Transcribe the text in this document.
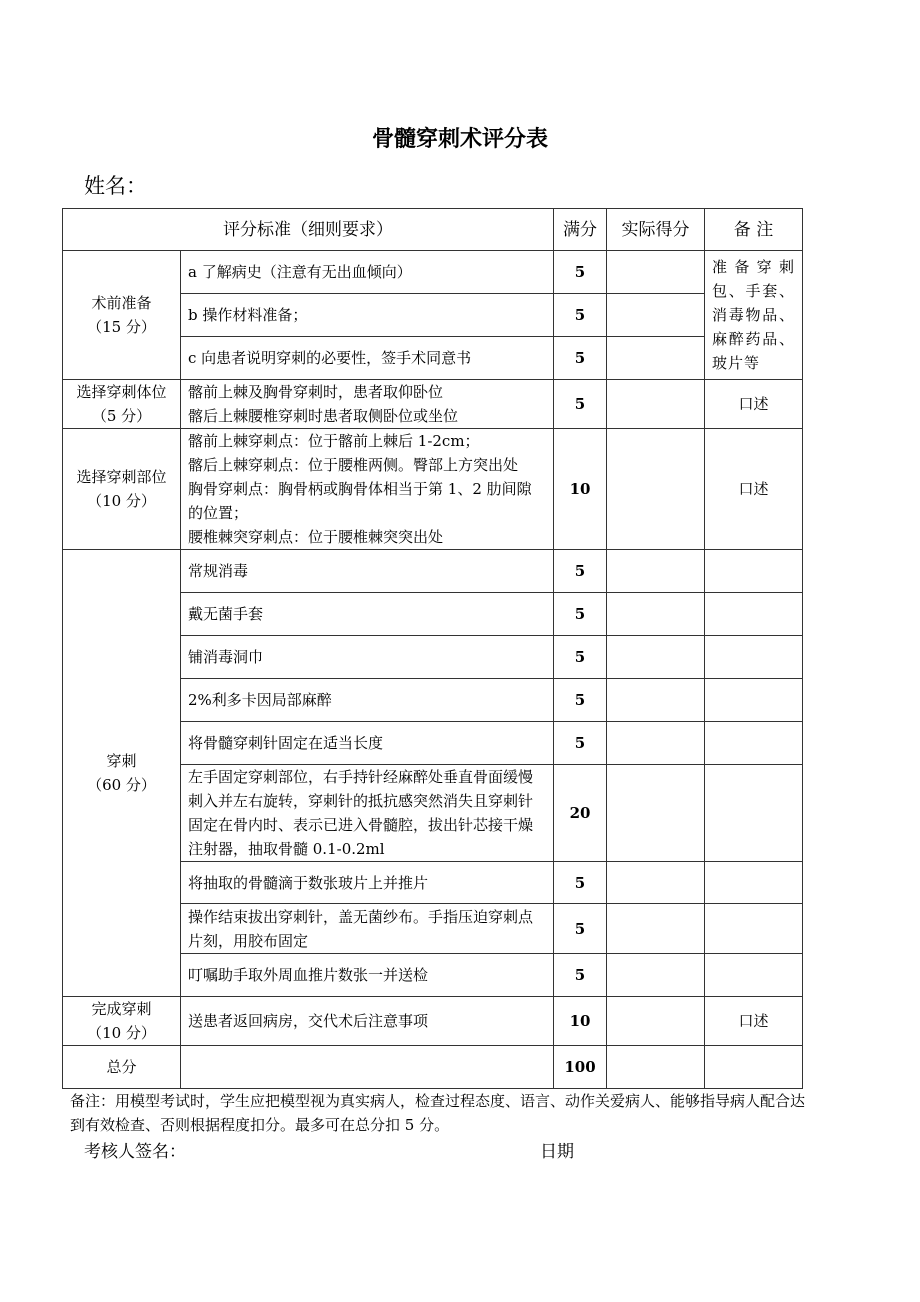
骨髓穿刺术评分表
姓名：
评分标准（细则要求）		满分	实际得分	备 注
术前准备
（15 分）	a 了解病史（注意有无出血倾向）	5		准 备 穿 刺包、手套、消毒物品、麻醉药品、玻片等
	b 操作材料准备；	5		
	c 向患者说明穿刺的必要性，签手术同意书	5		
选择穿刺体位
（5 分）	髂前上棘及胸骨穿刺时，患者取仰卧位
髂后上棘腰椎穿刺时患者取侧卧位或坐位	5		口述
选择穿刺部位
（10 分）	髂前上棘穿刺点：位于髂前上棘后 1-2cm；
髂后上棘穿刺点：位于腰椎两侧。臀部上方突出处
胸骨穿刺点：胸骨柄或胸骨体相当于第 1、2 肋间隙的位置；
腰椎棘突穿刺点：位于腰椎棘突突出处	10		口述
穿刺
（60 分）	常规消毒	5		
	戴无菌手套	5		
	铺消毒洞巾	5		
	2%利多卡因局部麻醉	5		
	将骨髓穿刺针固定在适当长度	5		
	左手固定穿刺部位，右手持针经麻醉处垂直骨面缓慢刺入并左右旋转，穿刺针的抵抗感突然消失且穿刺针固定在骨内时、表示已进入骨髓腔，拔出针芯接干燥注射器，抽取骨髓 0.1-0.2ml	20		
	将抽取的骨髓滴于数张玻片上并推片	5		
	操作结束拔出穿刺针，盖无菌纱布。手指压迫穿刺点片刻，用胶布固定	5		
	叮嘱助手取外周血推片数张一并送检	5		
完成穿刺
（10 分）	送患者返回病房，交代术后注意事项	10		口述
总分		100		
备注：用模型考试时，学生应把模型视为真实病人，检查过程态度、语言、动作关爱病人、能够指导病人配合达到有效检查、否则根据程度扣分。最多可在总分扣 5 分。
考核人签名：	日期
